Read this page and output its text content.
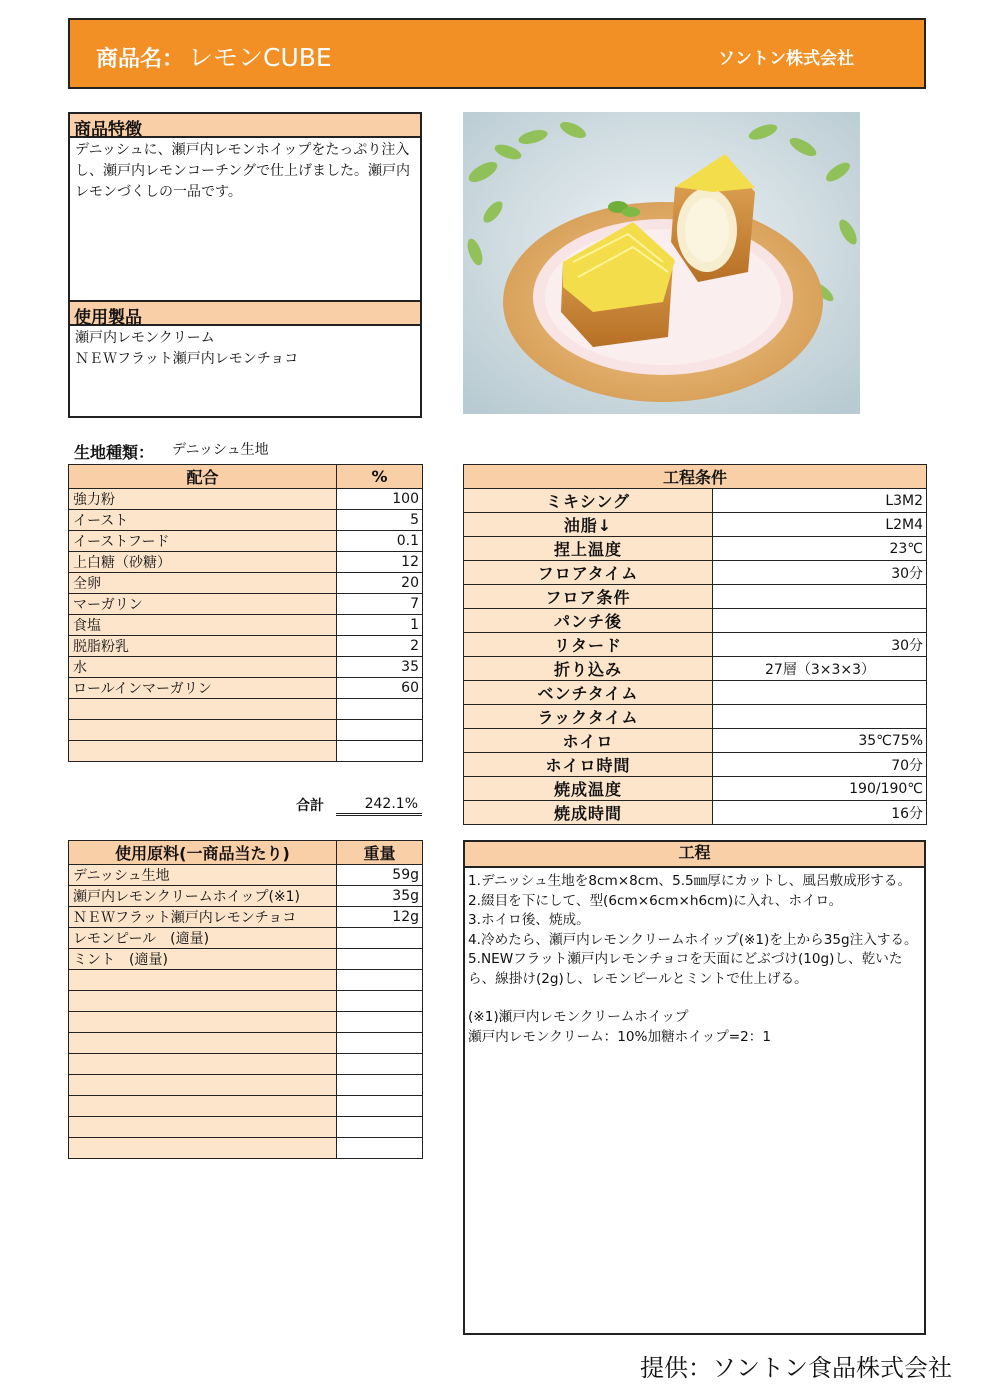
商品名： レモンCUBE	ソントン株式会社
商品特徴
デニッシュに、瀬戸内レモンホイップをたっぷり注入し、瀬戸内レモンコーチングで仕上げました。瀬戸内レモンづくしの一品です。
使用製品
瀬戸内レモンクリーム
ＮＥＷフラット瀬戸内レモンチョコ
生地種類： デニッシュ生地
配合	%
強力粉	100
イースト	5
イーストフード	0.1
上白糖（砂糖）	12
全卵	20
マーガリン	7
食塩	1
脱脂粉乳	2
水	35
ロールインマーガリン	60

合計	242.1%
工程条件	
ミキシング	L3M2
油脂↓	L2M4
捏上温度	23℃
フロアタイム	30分
フロア条件	
パンチ後	
リタード	30分
折り込み	27層（3×3×3）
ベンチタイム	
ラックタイム	
ホイロ	35℃75%
ホイロ時間	70分
焼成温度	190/190℃
焼成時間	16分
使用原料(一商品当たり)	重量
デニッシュ生地	59g
瀬戸内レモンクリームホイップ(※1)	35g
ＮＥＷフラット瀬戸内レモンチョコ	12g
レモンピール　(適量)	
ミント　(適量)	

工程

1.デニッシュ生地を8cm×8cm、5.5㎜厚にカットし、風呂敷成形する。

2.綴目を下にして、型(6cm×6cm×h6cm)に入れ、ホイロ。

3.ホイロ後、焼成。

4.冷めたら、瀬戸内レモンクリームホイップ(※1)を上から35g注入する。

5.NEWフラット瀬戸内レモンチョコを天面にどぶづけ(10g)し、乾いたら、線掛け(2g)し、レモンピールとミントで仕上げる。

(※1)瀬戸内レモンクリームホイップ

瀬戸内レモンクリーム：10%加糖ホイップ=2：1

提供：ソントン食品株式会社
